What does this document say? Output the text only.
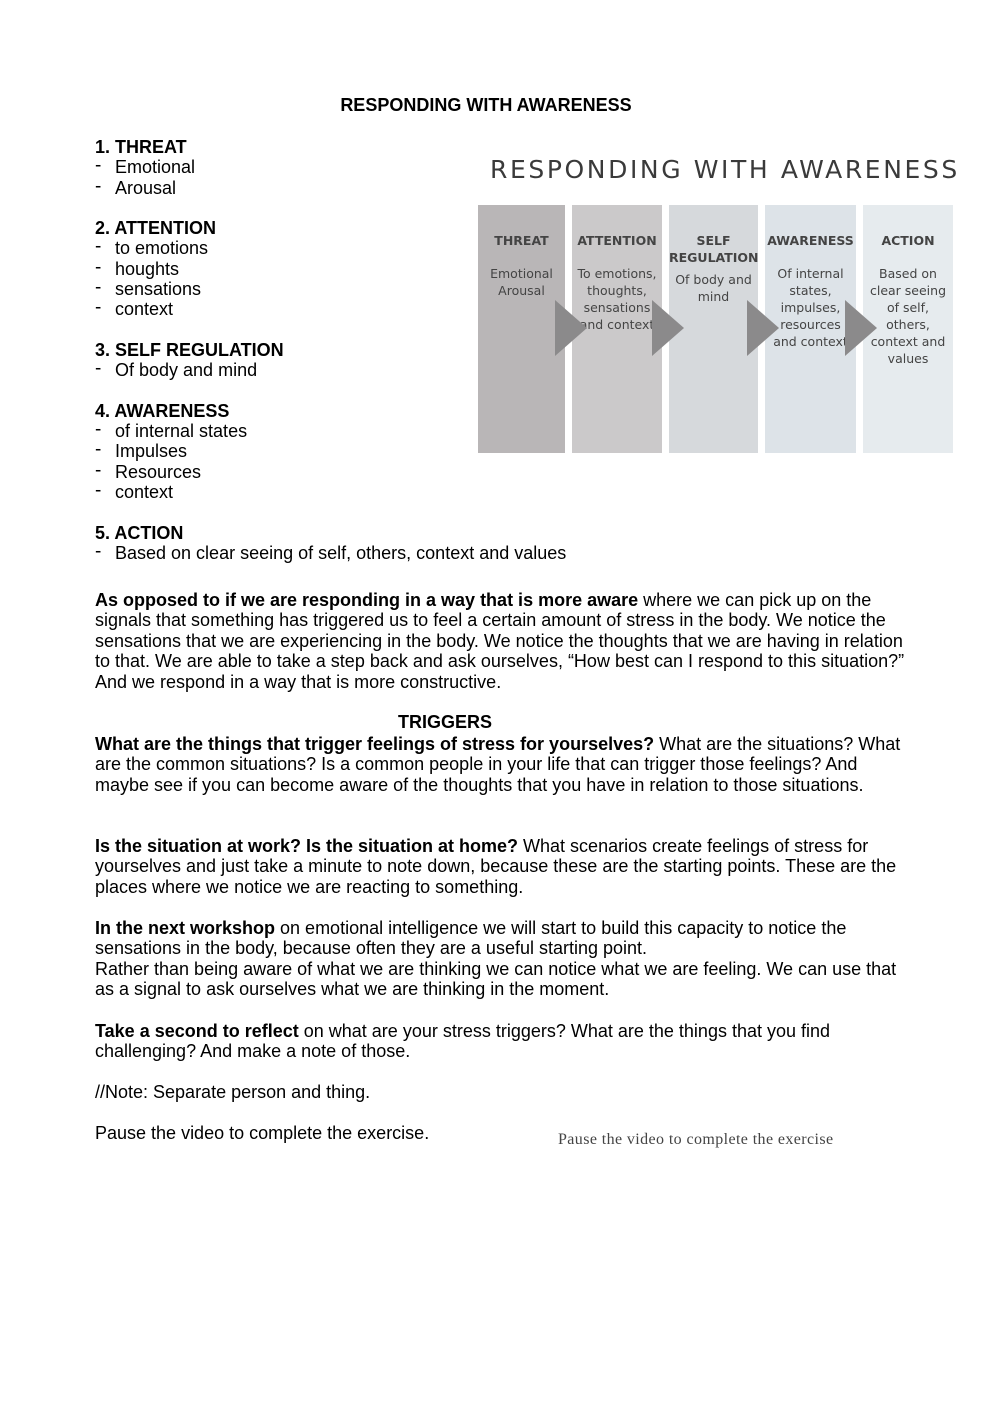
RESPONDING WITH AWARENESS
1. THREAT
- Emotional
- Arousal
2. ATTENTION
- to emotions
- houghts
- sensations
- context
3. SELF REGULATION
- Of body and mind
4. AWARENESS
- of internal states
- Impulses
- Resources
- context
5. ACTION
- Based on clear seeing of self, others, context and values
RESPONDING WITH AWARENESS
THREAT
Emotional
Arousal
ATTENTION
To emotions,
thoughts,
sensations
and context
SELF
REGULATION
Of body and
mind
AWARENESS
Of internal
states,
impulses,
resources
and context
ACTION
Based on
clear seeing
of self,
others,
context and
values
As opposed to if we are responding in a way that is more aware where we can pick up on the signals that something has triggered us to feel a certain amount of stress in the body. We notice the sensations that we are experiencing in the body. We notice the thoughts that we are having in relation to that. We are able to take a step back and ask ourselves, “How best can I respond to this situation?” And we respond in a way that is more constructive.
TRIGGERS
What are the things that trigger feelings of stress for yourselves? What are the situations? What are the common situations? Is a common people in your life that can trigger those feelings? And maybe see if you can become aware of the thoughts that you have in relation to those situations.
Is the situation at work? Is the situation at home? What scenarios create feelings of stress for yourselves and just take a minute to note down, because these are the starting points. These are the places where we notice we are reacting to something.
In the next workshop on emotional intelligence we will start to build this capacity to notice the sensations in the body, because often they are a useful starting point.
Rather than being aware of what we are thinking we can notice what we are feeling. We can use that as a signal to ask ourselves what we are thinking in the moment.
Take a second to reflect on what are your stress triggers? What are the things that you find challenging? And make a note of those.
//Note: Separate person and thing.
Pause the video to complete the exercise.	Pause the video to complete the exercise
